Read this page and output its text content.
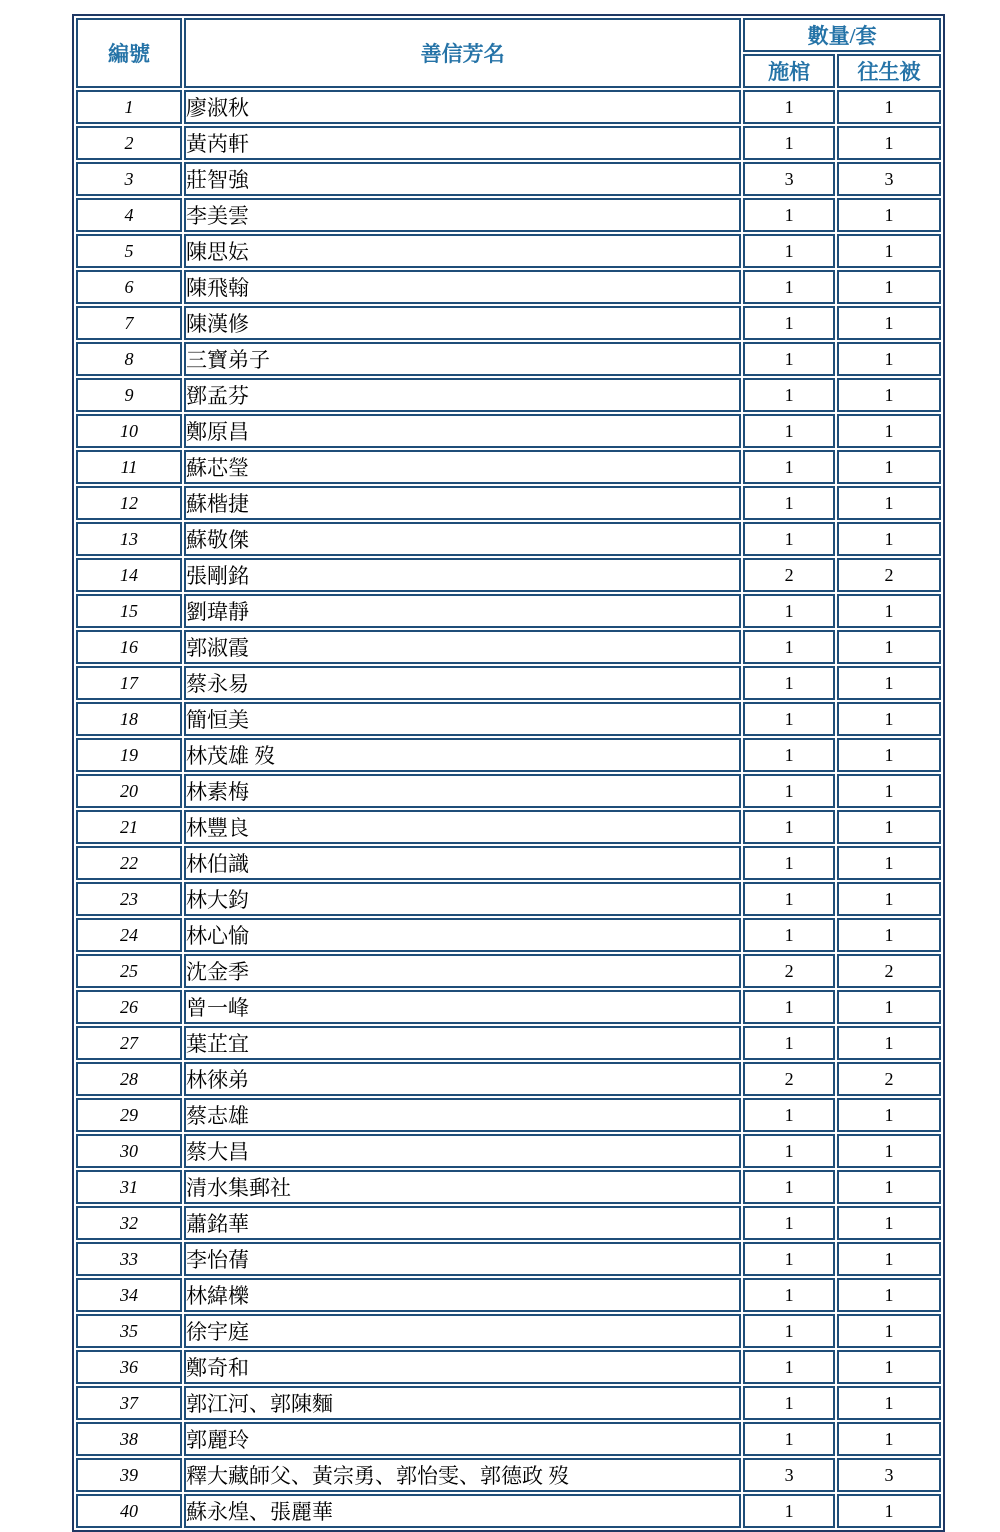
編號	善信芳名	數量/套	
		施棺	往生被
1	廖淑秋	1	1
2	黃芮軒	1	1
3	莊智強	3	3
4	李美雲	1	1
5	陳思妘	1	1
6	陳飛翰	1	1
7	陳漢修	1	1
8	三寶弟子	1	1
9	鄧孟芬	1	1
10	鄭原昌	1	1
11	蘇芯瑩	1	1
12	蘇楷捷	1	1
13	蘇敬傑	1	1
14	張剛銘	2	2
15	劉瑋靜	1	1
16	郭淑霞	1	1
17	蔡永易	1	1
18	簡恒美	1	1
19	林茂雄 歿	1	1
20	林素梅	1	1
21	林豐良	1	1
22	林伯識	1	1
23	林大鈞	1	1
24	林心愉	1	1
25	沈金季	2	2
26	曾一峰	1	1
27	葉芷宜	1	1
28	林徠弟	2	2
29	蔡志雄	1	1
30	蔡大昌	1	1
31	清水集郵社	1	1
32	蕭銘華	1	1
33	李怡蒨	1	1
34	林緯櫟	1	1
35	徐宇庭	1	1
36	鄭奇和	1	1
37	郭江河、郭陳麵	1	1
38	郭麗玲	1	1
39	釋大藏師父、黃宗勇、郭怡雯、郭德政 歿	3	3
40	蘇永煌、張麗華	1	1
